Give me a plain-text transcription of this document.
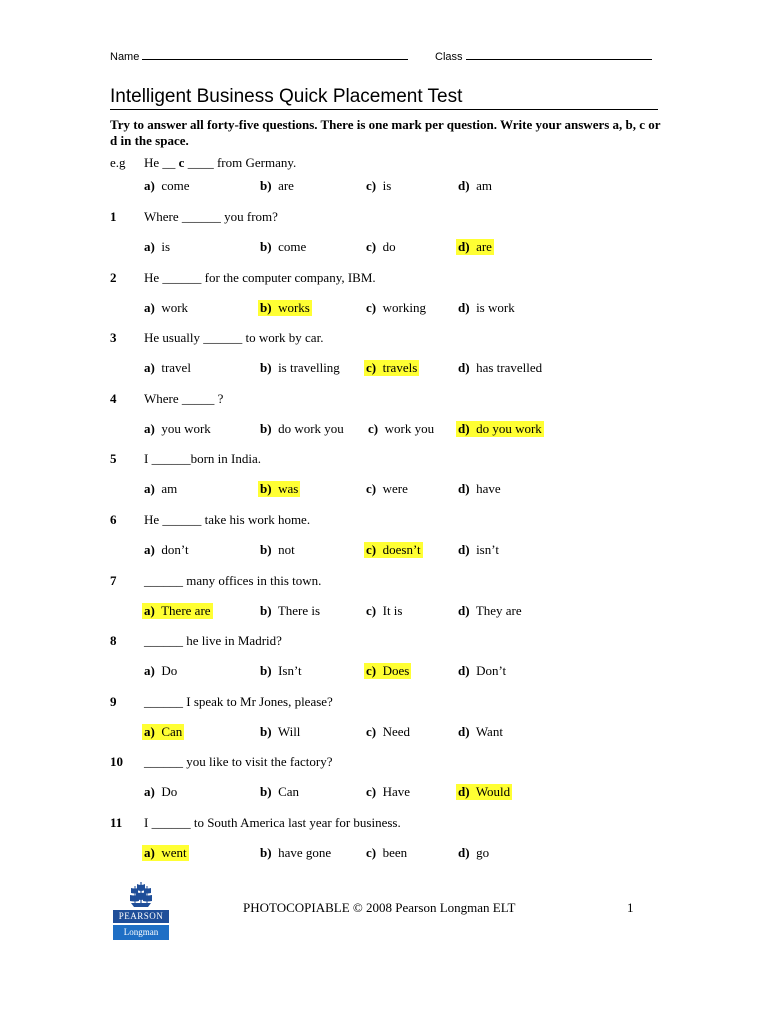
Name	Class
Intelligent Business Quick Placement Test
Try to answer all forty-five questions. There is one mark per question. Write your answers a, b, c or d in the space.
e.g He __ c ____ from Germany.
a) come	b) are	c) is	d) am
1 Where ______ you from?
a) is	b) come	c) do	d) are
2 He ______ for the computer company, IBM.
a) work	b) works	c) working d) is work
3 He usually ______ to work by car.
a) travel	b) is travelling c) travels	d) has travelled
4 Where _____ ?
a) you work	b) do work you c) work you d) do you work
5 I ______born in India.
a) am	b) was	c) were	d) have
6 He ______ take his work home.
a) don’t	b) not	c) doesn’t	d) isn’t
7 ______ many offices in this town.
a) There are	b) There is	c) It is	d) They are
8 ______ he live in Madrid?
a) Do	b) Isn’t	c) Does	d) Don’t
9 ______ I speak to Mr Jones, please?
a) Can	b) Will	c) Need	d) Want
10 ______ you like to visit the factory?
a) Do	b) Can	c) Have	d) Would
11 I ______ to South America last year for business.
a) went	b) have gone	c) been	d) go
PEARSON
Longman
PHOTOCOPIABLE © 2008 Pearson Longman ELT	1
